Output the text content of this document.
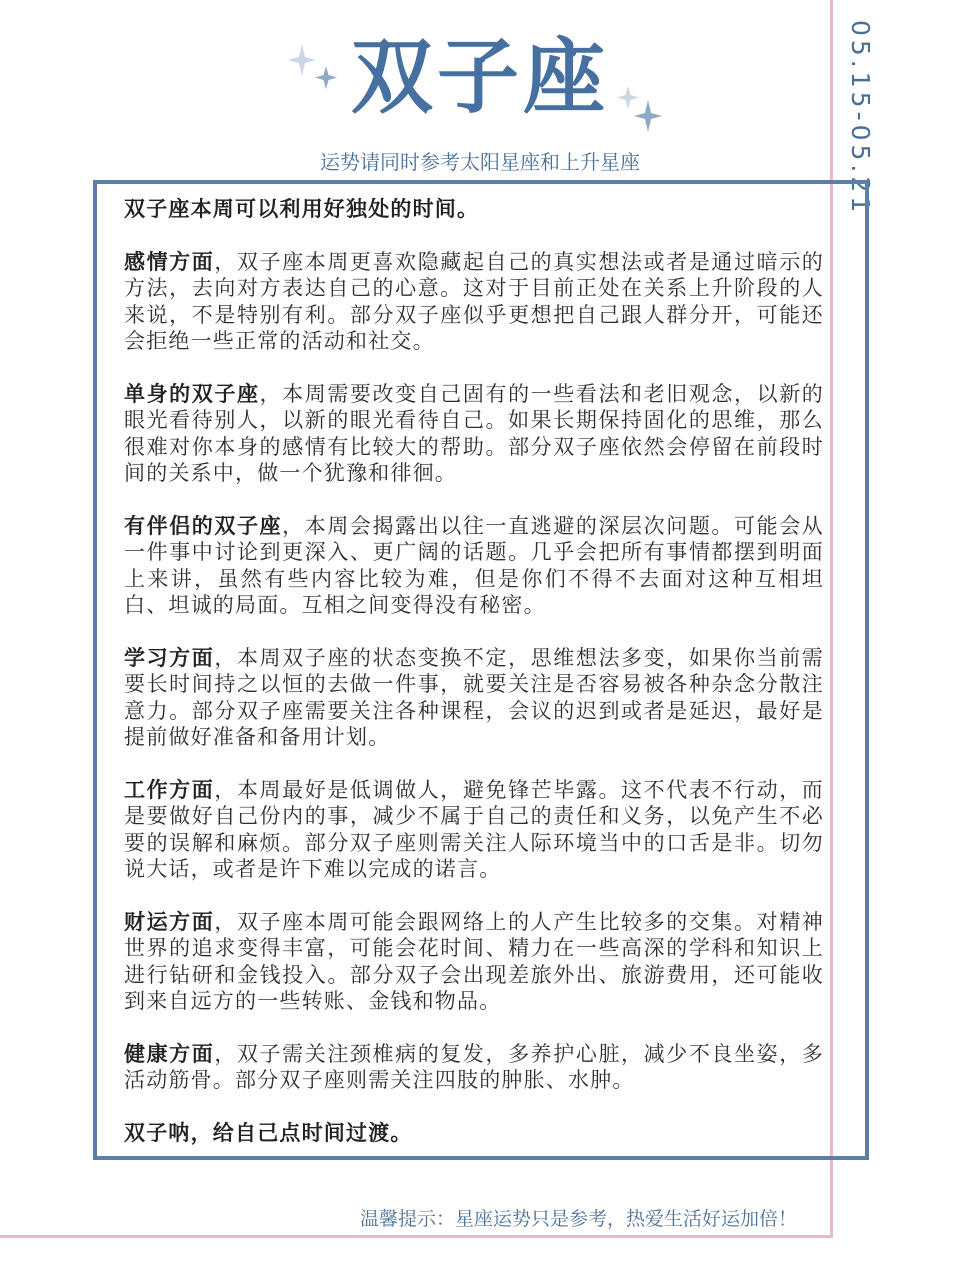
05.15-05.21
双子座
运势请同时参考太阳星座和上升星座

双子座本周可以利用好独处的时间。

感情方面，双子座本周更喜欢隐藏起自己的真实想法或者是通过暗示的方法，去向对方表达自己的心意。这对于目前正处在关系上升阶段的人来说，不是特别有利。部分双子座似乎更想把自己跟人群分开，可能还会拒绝一些正常的活动和社交。

单身的双子座，本周需要改变自己固有的一些看法和老旧观念，以新的眼光看待别人，以新的眼光看待自己。如果长期保持固化的思维，那么很难对你本身的感情有比较大的帮助。部分双子座依然会停留在前段时间的关系中，做一个犹豫和徘徊。

有伴侣的双子座，本周会揭露出以往一直逃避的深层次问题。可能会从一件事中讨论到更深入、更广阔的话题。几乎会把所有事情都摆到明面上来讲，虽然有些内容比较为难，但是你们不得不去面对这种互相坦白、坦诚的局面。互相之间变得没有秘密。

学习方面，本周双子座的状态变换不定，思维想法多变，如果你当前需要长时间持之以恒的去做一件事，就要关注是否容易被各种杂念分散注意力。部分双子座需要关注各种课程，会议的迟到或者是延迟，最好是提前做好准备和备用计划。

工作方面，本周最好是低调做人，避免锋芒毕露。这不代表不行动，而是要做好自己份内的事，减少不属于自己的责任和义务，以免产生不必要的误解和麻烦。部分双子座则需关注人际环境当中的口舌是非。切勿说大话，或者是许下难以完成的诺言。

财运方面，双子座本周可能会跟网络上的人产生比较多的交集。对精神世界的追求变得丰富，可能会花时间、精力在一些高深的学科和知识上进行钻研和金钱投入。部分双子会出现差旅外出、旅游费用，还可能收到来自远方的一些转账、金钱和物品。

健康方面，双子需关注颈椎病的复发，多养护心脏，减少不良坐姿，多活动筋骨。部分双子座则需关注四肢的肿胀、水肿。

双子呐，给自己点时间过渡。

温馨提示：星座运势只是参考，热爱生活好运加倍！
